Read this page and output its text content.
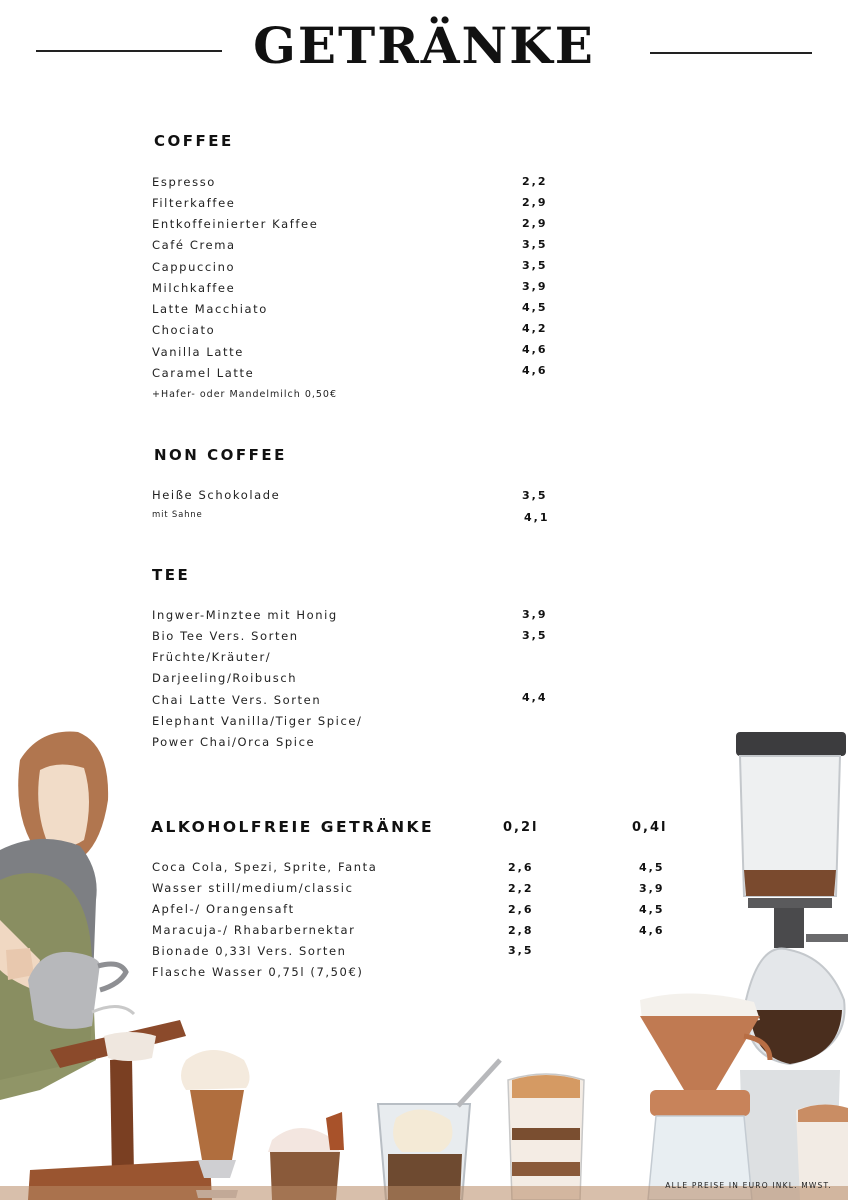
GETRÄNKE
COFFEE
Espresso	2,2
Filterkaffee	2,9
Entkoffeinierter Kaffee	2,9
Café Crema	3,5
Cappuccino	3,5
Milchkaffee	3,9
Latte Macchiato	4,5
Chociato	4,2
Vanilla Latte	4,6
Caramel Latte	4,6
+Hafer- oder Mandelmilch 0,50€
NON COFFEE
Heiße Schokolade	3,5
mit Sahne	4,1
TEE
Ingwer-Minztee mit Honig	3,9
Bio Tee Vers. Sorten	3,5
Früchte/Kräuter/
Darjeeling/Roibusch
Chai Latte Vers. Sorten	4,4
Elephant Vanilla/Tiger Spice/
Power Chai/Orca Spice
ALKOHOLFREIE GETRÄNKE	0,2l	0,4l
Coca Cola, Spezi, Sprite, Fanta	2,6	4,5
Wasser still/medium/classic	2,2	3,9
Apfel-/ Orangensaft	2,6	4,5
Maracuja-/ Rhabarbernektar	2,8	4,6
Bionade 0,33l Vers. Sorten	3,5
Flasche Wasser 0,75l (7,50€)
ALLE PREISE IN EURO INKL. MWST.
